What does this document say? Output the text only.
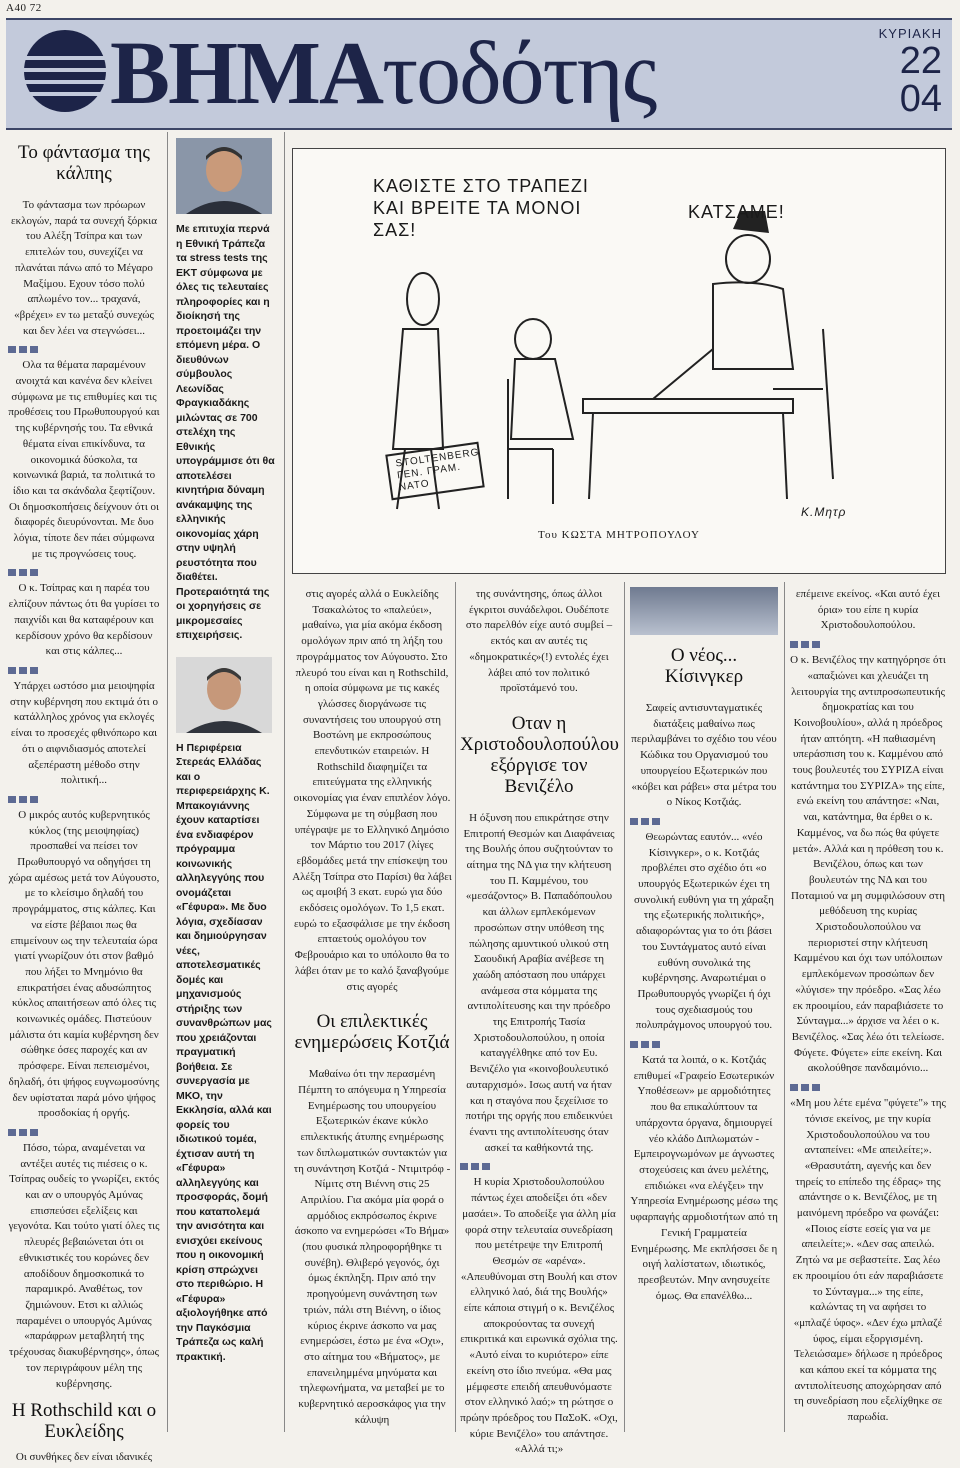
Α40 72
ΒΗΜΑτοδότης	ΚΥΡΙΑΚΗ
22
04
Το φάντασμα της κάλπης

Το φάντασμα των πρόωρων εκλογών, παρά τα συνεχή ξόρκια του Αλέξη Τσίπρα και των επιτελών του, συνεχίζει να πλανάται πάνω από το Μέγαρο Μαξίμου. Εχουν τόσο πολύ απλωμένο τον... τραχανά, «βρέχει» εν τω μεταξύ συνεχώς και δεν λέει να στεγνώσει...

Ολα τα θέματα παραμένουν ανοιχτά και κανένα δεν κλείνει σύμφωνα με τις επιθυμίες και τις προθέσεις του Πρωθυπουργού και της κυβέρνησής του. Τα εθνικά θέματα είναι επικίνδυνα, τα οικονομικά δύσκολα, τα κοινωνικά βαριά, τα πολιτικά το ίδιο και τα σκάνδαλα ξεφτίζουν. Οι δημοσκοπήσεις δείχνουν ότι οι διαφορές διευρύνονται. Με δυο λόγια, τίποτε δεν πάει σύμφωνα με τις προγνώσεις τους.

Ο κ. Τσίπρας και η παρέα του ελπίζουν πάντως ότι θα γυρίσει το παιχνίδι και θα καταφέρουν και κερδίσουν χρόνο θα κερδίσουν και στις κάλπες...

Υπάρχει ωστόσο μια μειοψηφία στην κυβέρνηση που εκτιμά ότι ο κατάλληλος χρόνος για εκλογές είναι το προσεχές φθινόπωρο και ότι ο αιφνιδιασμός αποτελεί αξεπέραστη μέθοδο στην πολιτική...

Ο μικρός αυτός κυβερνητικός κύκλος (της μειοψηφίας) προσπαθεί να πείσει τον Πρωθυπουργό να οδηγήσει τη χώρα αμέσως μετά τον Αύγουστο, με το κλείσιμο δηλαδή του προγράμματος, στις κάλπες. Και να είστε βέβαιοι πως θα επιμείνουν ως την τελευταία ώρα γιατί γνωρίζουν ότι στον βαθμό που λήξει το Μνημόνιο θα επικρατήσει ένας αδυσώπητος κύκλος απαιτήσεων από όλες τις κοινωνικές ομάδες. Πιστεύουν μάλιστα ότι καμία κυβέρνηση δεν σώθηκε όσες παροχές και αν πρόσφερε. Είναι πεπεισμένοι, δηλαδή, ότι ψήφος ευγνωμοσύνης δεν υφίσταται παρά μόνο ψήφος προσδοκίας ή οργής.

Πόσο, τώρα, αναμένεται να αντέξει αυτές τις πιέσεις ο κ. Τσίπρας ουδείς το γνωρίζει, εκτός και αν ο υπουργός Αμύνας επισπεύσει εξελίξεις και γεγονότα. Και τούτο γιατί όλες τις πλευρές βεβαιώνεται ότι οι εθνικιστικές του κορώνες δεν αποδίδουν δημοσκοπικά το παραμικρό. Αναθέτως, τον ζημιώνουν. Ετσι κι αλλιώς παραμένει ο υπουργός Αμύνας «παράφρων μεταβλητή της τρέχουσας διακυβέρνησης», όπως τον περιγράφουν μέλη της κυβέρνησης.

Η Rothschild και ο Ευκλείδης

Οι συνθήκες δεν είναι ιδανικές

Με επιτυχία περνά η Εθνική Τράπεζα τα stress tests της ΕΚΤ σύμφωνα με όλες τις τελευταίες πληροφορίες και η διοίκησή της προετοιμάζει την επόμενη μέρα. Ο διευθύνων σύμβουλος Λεωνίδας Φραγκιαδάκης μιλώντας σε 700 στελέχη της Εθνικής υπογράμμισε ότι θα αποτελέσει κινητήρια δύναμη ανάκαμψης της ελληνικής οικονομίας χάρη στην υψηλή ρευστότητα που διαθέτει. Προτεραιότητά της οι χορηγήσεις σε μικρομεσαίες επιχειρήσεις.

Η Περιφέρεια Στερεάς Ελλάδας και ο περιφερειάρχης Κ. Μπακογιάννης έχουν καταρτίσει ένα ενδιαφέρον πρόγραμμα κοινωνικής αλληλεγγύης που ονομάζεται «Γέφυρα». Με δυο λόγια, σχεδίασαν και δημιούργησαν νέες, αποτελεσματικές δομές και μηχανισμούς στήριξης των συνανθρώπων μας που χρειάζονται πραγματική βοήθεια. Σε συνεργασία με ΜΚΟ, την Εκκλησία, αλλά και φορείς του ιδιωτικού τομέα, έχτισαν αυτή τη «Γέφυρα» αλληλεγγύης και προσφοράς, δομή που καταπολεμά την ανισότητα και ενισχύει εκείνους που η οικονομική κρίση σπρώχνει στο περιθώριο. Η «Γέφυρα» αξιολογήθηκε από την Παγκόσμια Τράπεζα ως καλή πρακτική.

ΚΑΘΙΣΤΕ ΣΤΟ ΤΡΑΠΕΖΙ ΚΑΙ ΒΡΕΙΤΕ ΤΑ ΜΟΝΟΙ ΣΑΣ!
ΚΑΤΣΑΜΕ!
STOLTENBERG ΓΕΝ. ΓΡΑΜ. ΝΑΤΟ
Κ.Μητρ
Του ΚΩΣΤΑ ΜΗΤΡΟΠΟΥΛΟΥ

στις αγορές αλλά ο Ευκλείδης Τσακαλώτος το «παλεύει», μαθαίνω, για μία ακόμα έκδοση ομολόγων πριν από τη λήξη του προγράμματος τον Αύγουστο. Στο πλευρό του είναι και η Rothschild, η οποία σύμφωνα με τις κακές γλώσσες διοργάνωσε τις συναντήσεις του υπουργού στη Βοστώνη με εκπροσώπους επενδυτικών εταιρειών. Η Rothschild διαφημίζει τα επιτεύγματα της ελληνικής οικονομίας για έναν επιπλέον λόγο. Σύμφωνα με τη σύμβαση που υπέγραψε με το Ελληνικό Δημόσιο τον Μάρτιο του 2017 (λίγες εβδομάδες μετά την επίσκεψη του Αλέξη Τσίπρα στο Παρίσι) θα λάβει ως αμοιβή 3 εκατ. ευρώ για δύο εκδόσεις ομολόγων. Το 1,5 εκατ. ευρώ το εξασφάλισε με την έκδοση επταετούς ομολόγου τον Φεβρουάριο και το υπόλοιπο θα το λάβει όταν με το καλό ξαναβγούμε στις αγορές

Οι επιλεκτικές ενημερώσεις Κοτζιά

Μαθαίνω ότι την περασμένη Πέμπτη το απόγευμα η Υπηρεσία Ενημέρωσης του υπουργείου Εξωτερικών έκανε κύκλο επιλεκτικής άτυπης ενημέρωσης των διπλωματικών συντακτών για τη συνάντηση Κοτζιά - Ντιμιτρόφ - Νίμιτς στη Βιέννη στις 25 Απριλίου. Για ακόμα μία φορά ο αρμόδιος εκπρόσωπος έκρινε άσκοπο να ενημερώσει «Το Βήμα» (που φυσικά πληροφορήθηκε τι συνέβη). Θλιβερό γεγονός, όχι όμως έκπληξη. Πριν από την προηγούμενη συνάντηση των τριών, πάλι στη Βιέννη, ο ίδιος κύριος έκρινε άσκοπο να μας ενημερώσει, έστω με ένα «Οχι», στο αίτημα του «Βήματος», με επανειλημμένα μηνύματα και τηλεφωνήματα, να μεταβεί με το κυβερνητικό αεροσκάφος για την κάλυψη

της συνάντησης, όπως άλλοι έγκριτοι συνάδελφοι. Ουδέποτε στο παρελθόν είχε αυτό συμβεί – εκτός και αν αυτές τις «δημοκρατικές»(!) εντολές έχει λάβει από τον πολιτικό προϊστάμενό του.

Οταν η Χριστοδουλοπούλου εξόργισε τον Βενιζέλο

Η όξυνση που επικράτησε στην Επιτροπή Θεσμών και Διαφάνειας της Βουλής όπου συζητούνταν το αίτημα της ΝΔ για την κλήτευση του Π. Καμμένου, του «μεσάζοντος» Β. Παπαδόπουλου και άλλων εμπλεκόμενων προσώπων στην υπόθεση της πώλησης αμυντικού υλικού στη Σαουδική Αραβία ανέβεσε τη χαώδη απόσταση που υπάρχει ανάμεσα στα κόμματα της αντιπολίτευσης και την πρόεδρο της Επιτροπής Τασία Χριστοδουλοπούλου, η οποία καταγγέλθηκε από τον Ευ. Βενιζέλο για «κοινοβουλευτικό αυταρχισμό». Ισως αυτή να ήταν και η σταγόνα που ξεχείλισε το ποτήρι της οργής που επιδεικνύει έναντι της αντιπολίτευσης όταν ασκεί τα καθήκοντά της.

Η κυρία Χριστοδουλοπούλου πάντως έχει αποδείξει ότι «δεν μασάει». Το αποδείξε για άλλη μία φορά στην τελευταία συνεδρίαση που μετέτρεψε την Επιτροπή Θεσμών σε «αρένα». «Απευθύνομαι στη Βουλή και στον ελληνικό λαό, διά της Βουλής» είπε κάποια στιγμή ο κ. Βενιζέλος αποκρούοντας τα συνεχή επικριτικά και ειρωνικά σχόλια της. «Αυτό είναι το κυριότερο» είπε εκείνη στο ίδιο πνεύμα. «Θα μας μέμφεστε επειδή απευθυνόμαστε στον ελληνικό λαό;» τη ρώτησε ο πρώην πρόεδρος του ΠαΣοΚ. «Οχι, κύριε Βενιζέλο» του απάντησε. «Αλλά τι;»

Ο νέος... Κίσινγκερ

Σαφείς αντισυνταγματικές διατάξεις μαθαίνω πως περιλαμβάνει το σχέδιο του νέου Κώδικα του Οργανισμού του υπουργείου Εξωτερικών που «κόβει και ράβει» στα μέτρα του ο Νίκος Κοτζιάς.

Θεωρώντας εαυτόν... «νέο Κίσινγκερ», ο κ. Κοτζιάς προβλέπει στο σχέδιο ότι «ο υπουργός Εξωτερικών έχει τη συνολική ευθύνη για τη χάραξη της εξωτερικής πολιτικής», αδιαφορώντας για το ότι βάσει του Συντάγματος αυτό είναι ευθύνη συνολικά της κυβέρνησης. Αναρωτιέμαι ο Πρωθυπουργός γνωρίζει ή όχι τους σχεδιασμούς του πολυπράγμονος υπουργού του.

Κατά τα λοιπά, ο κ. Κοτζιάς επιθυμεί «Γραφείο Εσωτερικών Υποθέσεων» με αρμοδιότητες που θα επικαλύπτουν τα υπάρχοντα όργανα, δημιουργεί νέο κλάδο Διπλωματών - Εμπειρογνωμόνων με άγνωστες στοχεύσεις και άνευ μελέτης, επιδιώκει «να ελέγξει» την Υπηρεσία Ενημέρωσης μέσω της υφαρπαγής αρμοδιοτήτων από τη Γενική Γραμματεία Ενημέρωσης. Με εκπλήσσει δε η οιγή λαλίστατων, ιδιωτικός, πρεσβευτών. Μην ανησυχείτε όμως. Θα επανέλθω...

επέμεινε εκείνος. «Και αυτό έχει όρια» του είπε η κυρία Χριστοδουλοπούλου.

Ο κ. Βενιζέλος την κατηγόρησε ότι «απαξιώνει και χλευάζει τη λειτουργία της αντιπροσωπευτικής δημοκρατίας και του Κοινοβουλίου», αλλά η πρόεδρος ήταν απτόητη. «Η παθιασμένη υπεράσπιση του κ. Καμμένου από τους βουλευτές του ΣΥΡΙΖΑ είναι κατάντημα του ΣΥΡΙΖΑ» της είπε, ενώ εκείνη του απάντησε: «Ναι, ναι, κατάντημα, θα έρθει ο κ. Καμμένος, να δω πώς θα φύγετε μετά». Αλλά και η πρόθεση του κ. Βενιζέλου, όπως και των βουλευτών της ΝΔ και του Ποταμιού να μη συμφιλώσουν στη μεθόδευση της κυρίας Χριστοδουλοπούλου να περιοριστεί στην κλήτευση Καμμένου και όχι των υπόλοιπων εμπλεκόμενων προσώπων δεν «λύγισε» την πρόεδρο. «Σας λέω εκ προοιμίου, εάν παραβιάσετε το Σύνταγμα...» άρχισε να λέει ο κ. Βενιζέλος. «Σας λέω ότι τελείωσε. Φύγετε. Φύγετε» είπε εκείνη. Και ακολούθησε πανδαιμόνιο...

«Μη μου λέτε εμένα "φύγετε"» της τόνισε εκείνος, με την κυρία Χριστοδουλοπούλου να του ανταπείνει: «Με απειλείτε;». «Θρασυτάτη, αγενής και δεν τηρείς το επίπεδο της έδρας» της απάντησε ο κ. Βενιζέλος, με τη μαινόμενη πρόεδρο να φωνάζει: «Ποιος είστε εσείς για να με απειλείτε;». «Δεν σας απειλώ. Ζητώ να με σεβαστείτε. Σας λέω εκ προοιμίου ότι εάν παραβιάσετε το Σύνταγμα...» της είπε, καλώντας τη να αφήσει το «μπλαζέ ύφος». «Δεν έχω μπλαζέ ύφος, είμαι εξοργισμένη. Τελειώσαμε» δήλωσε η πρόεδρος και κάπου εκεί τα κόμματα της αντιπολίτευσης αποχώρησαν από τη συνεδρίαση που εξελίχθηκε σε παρωδία.
